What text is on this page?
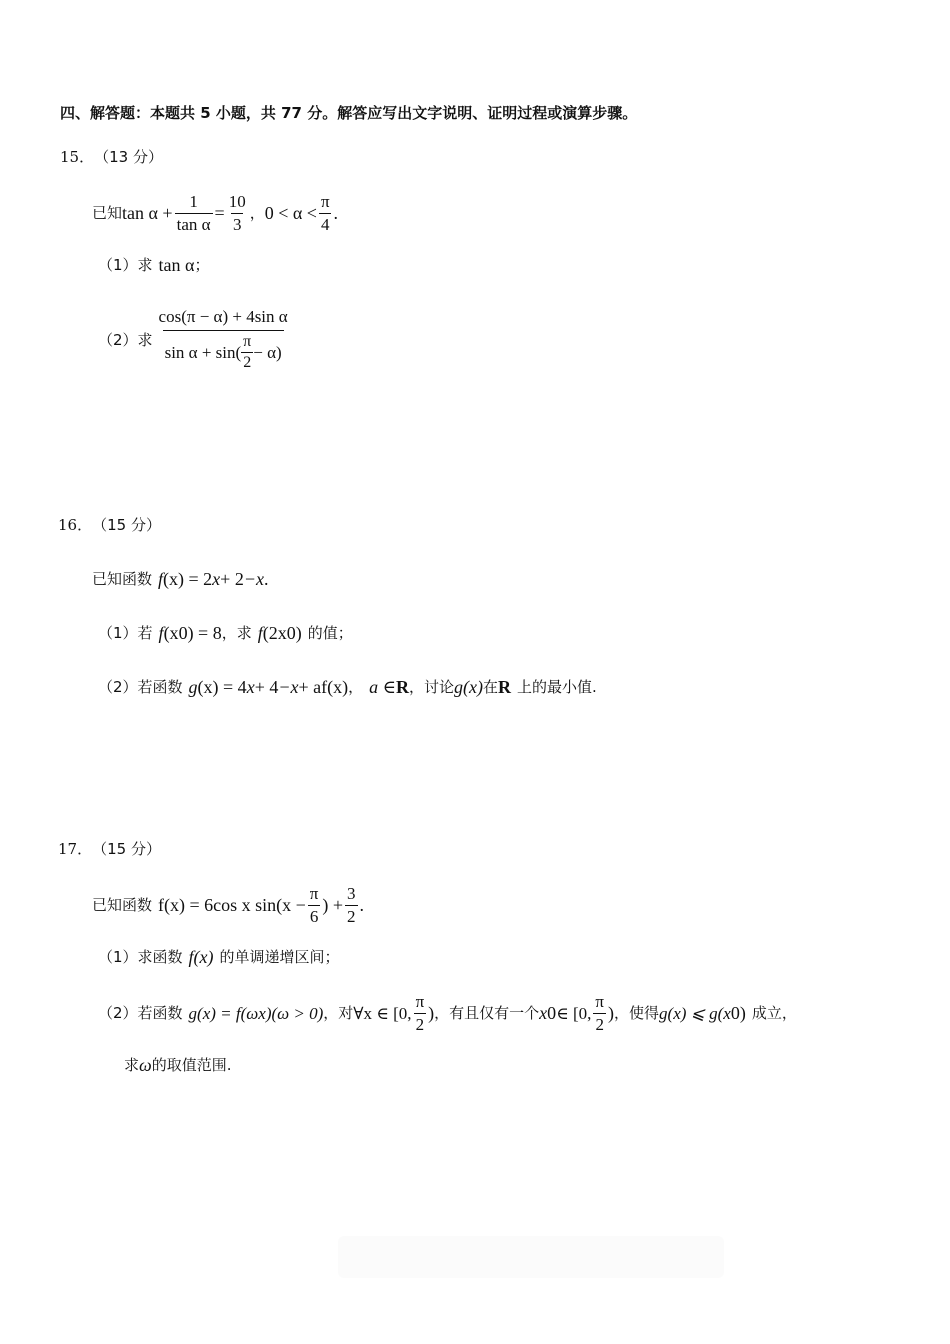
四、解答题：本题共 5 小题，共 77 分。解答应写出文字说明、证明过程或演算步骤。
15． （13 分）
已知 $\tan \alpha + \frac{1}{\text{tan α}} = \frac{10}{3}$ ， $0 < \alpha < \frac{\pi}{4}$ .
（1）求 tan α ；
（2）求
cos(π − α) + 4sin α
$\sin \alpha + \sin( \frac{\pi}{2} - \alpha)$
16． （15 分）
已知函数 f (x) = 2 x + 2 −x .
（1）若 f (x 0 ) = 8 ，求 f (2x 0 ) 的值；
（2）若函数 g (x) = 4 x + 4 −x + af(x) ， a ∈ R ，讨论 g(x) 在 R 上的最小值.
17． （15 分）
已知函数 f(x) = 6cos x $\sin(x - \frac{\pi}{6}$ ) + $\frac{3}{2}$ .
（1）求函数 f(x) 的单调递增区间；
（2）若函数 g(x) = f(ωx)(ω > 0) ，对 ∀x ∈ [0, $\frac{\pi}{2}$ ) ，有且仅有一个 x 0 ∈ [0, $\frac{\pi}{2}$ ) ，使得 g(x) ⩽ g(x 0 ) 成立，
求 ω 的取值范围.
